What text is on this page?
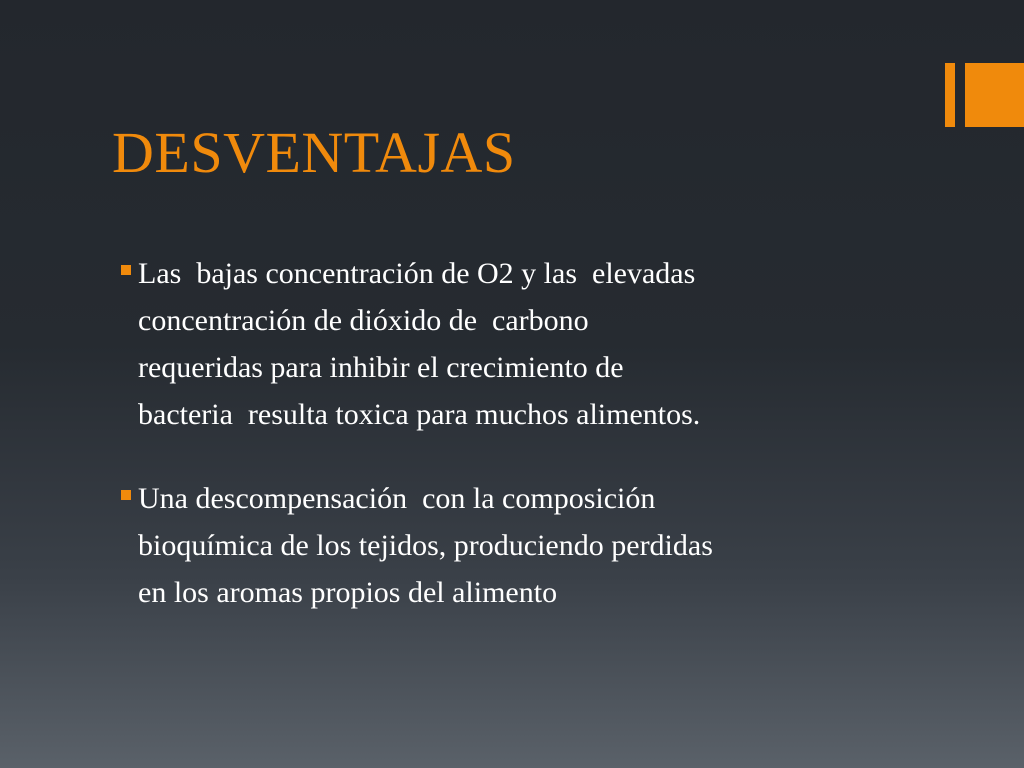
DESVENTAJAS
Las  bajas concentración de O2 y las  elevadas
concentración de dióxido de  carbono
requeridas para inhibir el crecimiento de
bacteria  resulta toxica para muchos alimentos.
Una descompensación  con la composición
bioquímica de los tejidos, produciendo perdidas
en los aromas propios del alimento
